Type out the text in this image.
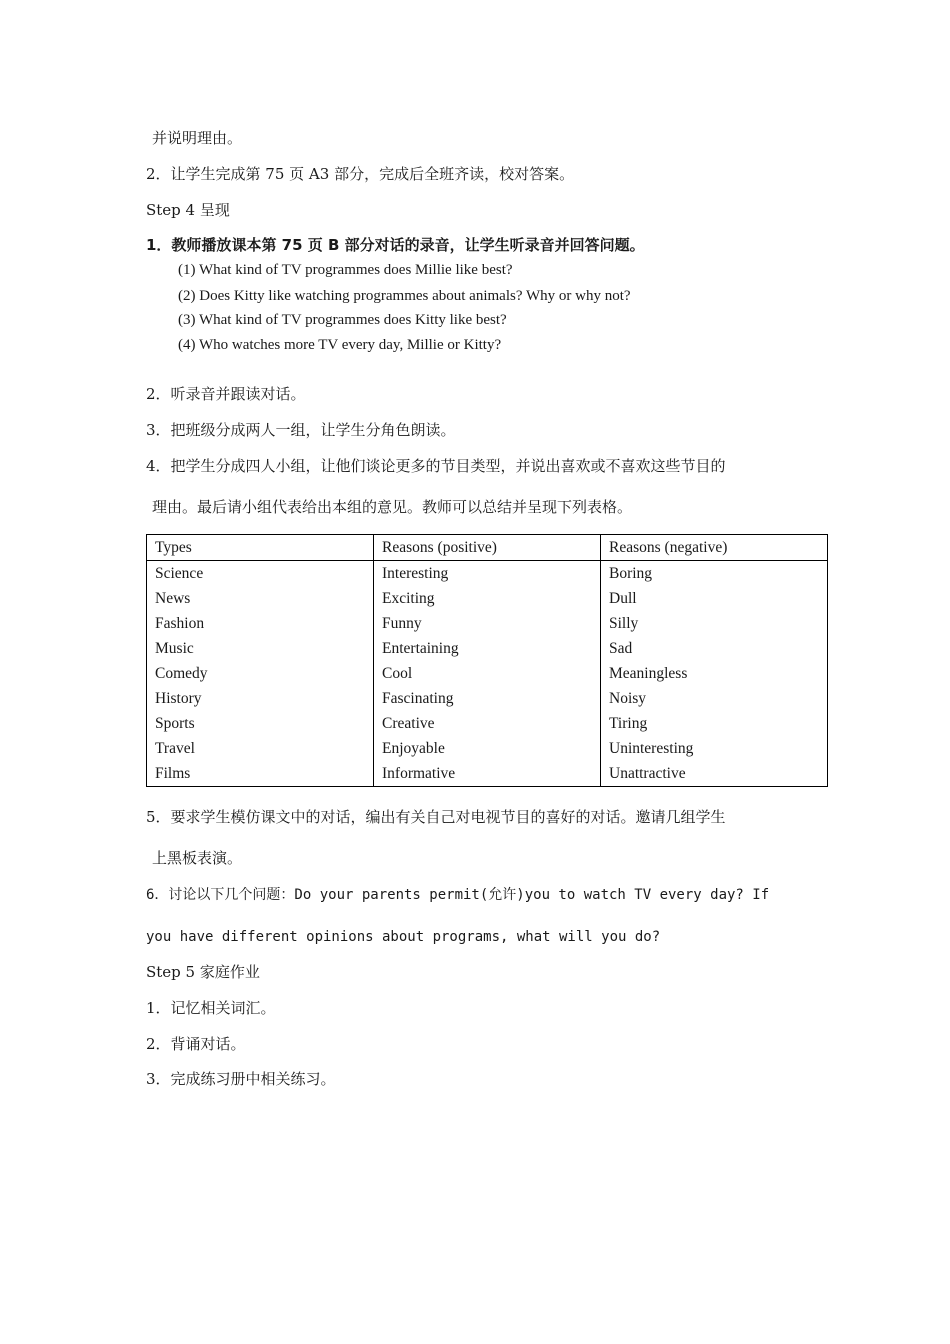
并说明理由。
2．让学生完成第 75 页 A3 部分，完成后全班齐读，校对答案。
Step 4 呈现
1．教师播放课本第 75 页 B 部分对话的录音，让学生听录音并回答问题。
(1) What kind of TV programmes does Millie like best?
(2) Does Kitty like watching programmes about animals? Why or why not?
(3) What kind of TV programmes does Kitty like best?
(4) Who watches more TV every day, Millie or Kitty?
2．听录音并跟读对话。
3．把班级分成两人一组，让学生分角色朗读。
4．把学生分成四人小组，让他们谈论更多的节目类型，并说出喜欢或不喜欢这些节目的
理由。最后请小组代表给出本组的意见。教师可以总结并呈现下列表格。
Types	Reasons (positive)	Reasons (negative)
Science	Interesting	Boring
News	Exciting	Dull
Fashion	Funny	Silly
Music	Entertaining	Sad
Comedy	Cool	Meaningless
History	Fascinating	Noisy
Sports	Creative	Tiring
Travel	Enjoyable	Uninteresting
Films	Informative	Unattractive
5．要求学生模仿课文中的对话，编出有关自己对电视节目的喜好的对话。邀请几组学生
上黑板表演。
6．讨论以下几个问题：Do your parents permit(允许)you to watch TV every day? If
you have different opinions about programs, what will you do?
Step 5 家庭作业
1．记忆相关词汇。
2．背诵对话。
3．完成练习册中相关练习。
